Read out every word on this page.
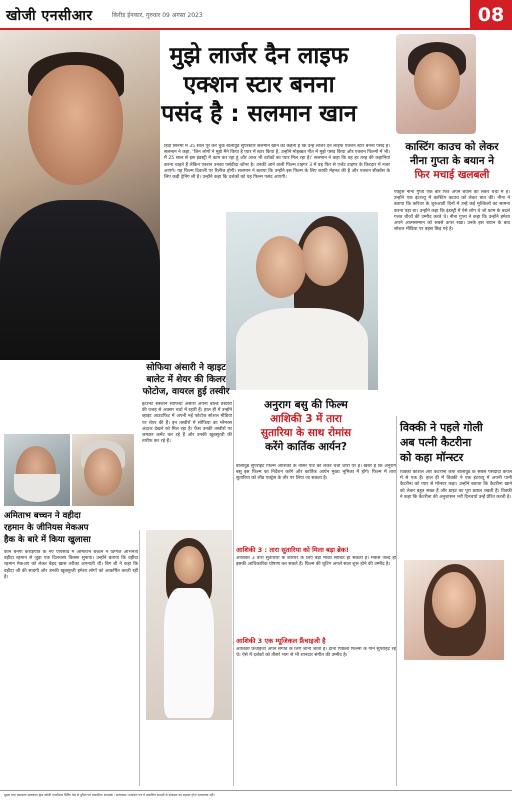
खोजी एनसीआर	किरीड ईनकार, गुरुवार 09 अगस्त 2023	08
मुझे लार्जर दैन लाइफ
एक्शन स्टार बनना
पसंद है : सलमान खान
हिंदी सिनेमा में 35 साल पूरे कर चुके बॉलीवुड सुपरस्टार सलमान खान का कहना है कि उन्हें लार्जर दैन लाइफ एक्शन स्टार बनना पसंद है। सलमान ने कहा, 'जिन लोगों ने मुझे मैंने किया है प्यार में स्टार किया है, उन्होंने मोहब्बत गीत में मुझे पसंद किया और एक्शन फिल्मों में भी। मैं 25 साल से इस इंडस्ट्री में काम कर रहा हूं और आज भी दर्शकों का प्यार मिल रहा है।' सलमान ने कहा कि वह हर तरह की कहानियां करना चाहते हैं लेकिन एक्शन उनका पसंदीदा जॉनर है। उनकी आने वाली फिल्म टाइगर 3 में वह फिर से एजेंट टाइगर के किरदार में नजर आएंगे। यह फिल्म दिवाली पर रिलीज होगी। सलमान ने बताया कि उन्होंने इस फिल्म के लिए काफी मेहनत की है और एक्शन सीक्वेंस के लिए कड़ी ट्रेनिंग ली है। उन्होंने कहा कि दर्शकों को यह फिल्म पसंद आएगी।
कास्टिंग काउच को लेकर
नीना गुप्ता के बयान ने
फिर मचाई खलबली
एक्ट्रेस नीना गुप्ता एक बार फिर अपने बयान को लेकर चर्चा में हैं। उन्होंने एक इंटरव्यू में कास्टिंग काउच को लेकर बात की। नीना ने बताया कि करियर के शुरुआती दिनों में उन्हें कई मुश्किलों का सामना करना पड़ा था। उन्होंने कहा कि इंडस्ट्री में ऐसे लोग थे जो काम के बदले गलत चीजों की उम्मीद करते थे। नीना गुप्ता ने कहा कि उन्होंने हमेशा अपने आत्मसम्मान को सबसे ऊपर रखा। उनके इस बयान के बाद सोशल मीडिया पर बहस छिड़ गई है।
अनुराग बसु की फिल्म
आशिकी 3 में तारा
सुतारिया के साथ रोमांस
करेंगे कार्तिक आर्यन?
बॉलीवुड सुपरहिट फिल्म आशिकी के तीसरे पार्ट को लेकर चर्चा जोरों पर है। खबर है कि अनुराग बसु इस फिल्म का निर्देशन करेंगे और कार्तिक आर्यन मुख्य भूमिका में होंगे। फिल्म में तारा सुतारिया को लीड एक्ट्रेस के तौर पर लिया जा सकता है।
आशिकी 3 : तारा सुतारिया को मिला बड़ा ब्रेक!
आशिकी 3 तारा सुतारिया के करियर के लिए बड़ा मौका साबित हो सकती है। मेकर्स जल्द ही इसकी आधिकारिक घोषणा कर सकते हैं। फिल्म की शूटिंग अगले साल शुरू होने की उम्मीद है।
आशिकी 3 एक म्यूजिकल फ्रैंचाइजी है
आशिकी फ्रैंचाइजी अपने संगीत के लिए जानी जाती है। दोनों पिछली फिल्मों के गाने सुपरहिट रहे थे। ऐसे में दर्शकों को तीसरे भाग से भी शानदार संगीत की उम्मीद है।
विक्की ने पहले गोली
अब पत्नी कैटरीना
को कहा मॉन्स्टर
विक्की कौशल और कैटरीना कैफ बॉलीवुड के सबसे पसंदीदा कपल में से एक हैं। हाल ही में विक्की ने एक इंटरव्यू में अपनी पत्नी कैटरीना को प्यार से मॉन्स्टर कहा। उन्होंने बताया कि कैटरीना खाने को लेकर बहुत सख्त हैं और डाइट का पूरा ख्याल रखती हैं। विक्की ने कहा कि कैटरीना की अनुशासन भरी दिनचर्या उन्हें प्रेरित करती है।
सोफिया अंसारी ने व्हाइट
बालेट में शेयर की किलर
फोटोज, वायरल हुई तस्वीर
इंटरनेट सेंसेशन सोफिया अंसारी अपनी बोल्ड तस्वीरों की वजह से अक्सर चर्चा में रहती हैं। हाल ही में उन्होंने व्हाइट आउटफिट में अपनी नई फोटोज सोशल मीडिया पर शेयर की हैं। इन तस्वीरों में सोफिया का ग्लैमरस अंदाज देखने को मिल रहा है। फैंस उनकी तस्वीरों पर जमकर कमेंट कर रहे हैं और उनकी खूबसूरती की तारीफ कर रहे हैं।
अमिताभ बच्चन ने वहीदा
रहमान के जीनियस मेकअप
हैक के बारे में किया खुलासा
कौन बनेगा करोड़पति के नए एपिसोड में अमिताभ बच्चन ने दिग्गज अभिनेत्री वहीदा रहमान से जुड़ा एक दिलचस्प किस्सा सुनाया। उन्होंने बताया कि वहीदा रहमान मेकअप को लेकर बेहद खास तरीका अपनाती थीं। बिग बी ने कहा कि वहीदा जी की सादगी और उनकी खूबसूरती हमेशा लोगों को आकर्षित करती रही है।
मुद्रक तथा प्रकाशक सत्यकाम द्वारा खोजी एनसीआर प्रिंटिंग प्रेस से मुद्रित एवं प्रकाशित। संपादक : सत्यकाम। समाचार पत्र में प्रकाशित सामग्री से संपादक का सहमत होना आवश्यक नहीं।
